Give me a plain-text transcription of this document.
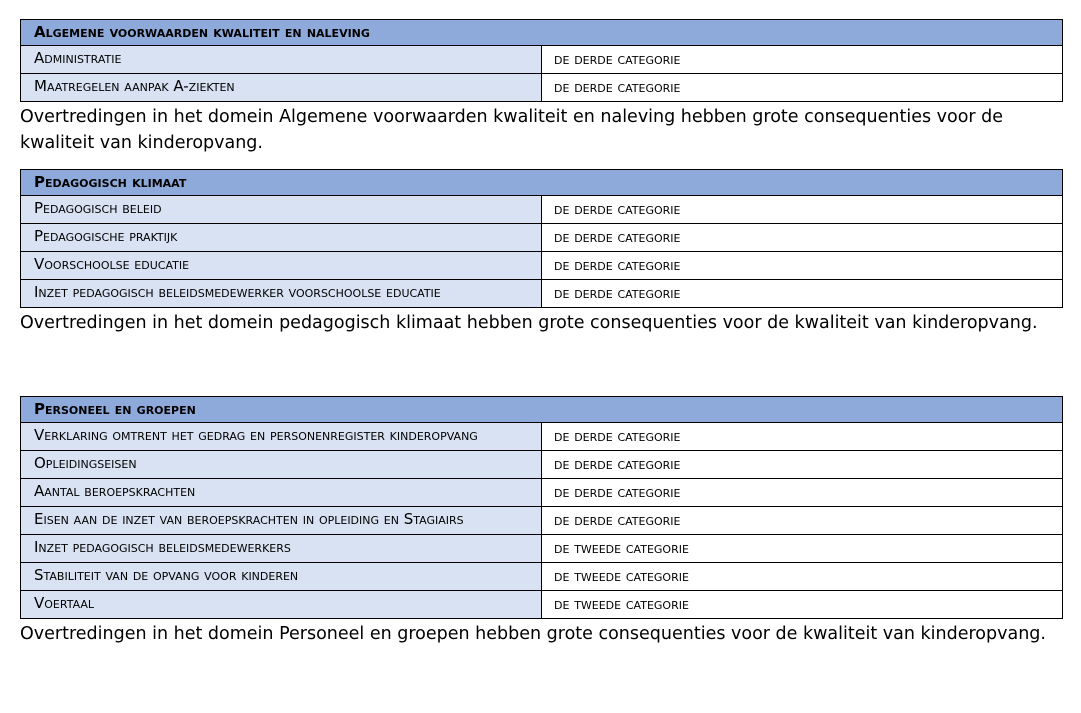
Algemene voorwaarden kwaliteit en naleving	
Administratie	de derde categorie
Maatregelen aanpak A-ziekten	de derde categorie

Overtredingen in het domein Algemene voorwaarden kwaliteit en naleving hebben grote consequenties voor de kwaliteit van kinderopvang.

Pedagogisch klimaat	
Pedagogisch beleid	de derde categorie
Pedagogische praktijk	de derde categorie
Voorschoolse educatie	de derde categorie
Inzet pedagogisch beleidsmedewerker voorschoolse educatie	de derde categorie

Overtredingen in het domein pedagogisch klimaat hebben grote consequenties voor de kwaliteit van kinderopvang.

Personeel en groepen	
Verklaring omtrent het gedrag en personenregister kinderopvang	de derde categorie
Opleidingseisen	de derde categorie
Aantal beroepskrachten	de derde categorie
Eisen aan de inzet van beroepskrachten in opleiding en Stagiairs	de derde categorie
Inzet pedagogisch beleidsmedewerkers	de tweede categorie
Stabiliteit van de opvang voor kinderen	de tweede categorie
Voertaal	de tweede categorie

Overtredingen in het domein Personeel en groepen hebben grote consequenties voor de kwaliteit van kinderopvang.
